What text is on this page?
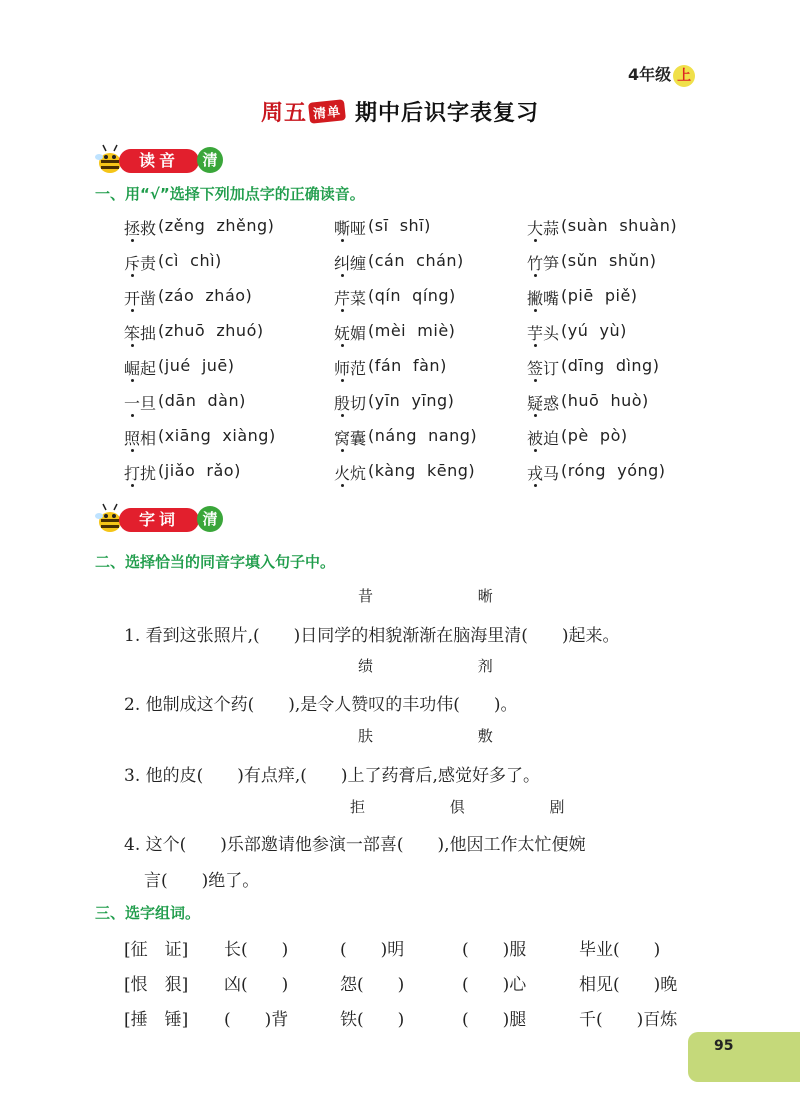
4年级 上
周五 清单 期中后识字表复习
读音	清
一、用“√”选择下列加点字的正确读音。
拯救 (zěng  zhěng)	嘶哑 (sī  shī)	大蒜 (suàn  shuàn)
斥责 (cì  chì)	纠缠 (cán  chán)	竹笋 (sǔn  shǔn)
开凿 (záo  zháo)	芹菜 (qín  qíng)	撇嘴 (piē  piě)
笨拙 (zhuō  zhuó)	妩媚 (mèi  miè)	芋头 (yú  yù)
崛起 (jué  juē)	师范 (fán  fàn)	签订 (dīng  dìng)
一旦 (dān  dàn)	殷切 (yīn  yīng)	疑惑 (huō  huò)
照相 (xiāng  xiàng)	窝囊 (náng  nang)	被迫 (pè  pò)
打扰 (jiǎo  rǎo)	火炕 (kàng  kēng)	戎马 (róng  yóng)
字词	清
二、选择恰当的同音字填入句子中。
昔 晰
1. 看到这张照片,(　　)日同学的相貌渐渐在脑海里清(　　)起来。
绩 剂
2. 他制成这个药(　　),是令人赞叹的丰功伟(　　)。
肤 敷
3. 他的皮(　　)有点痒,(　　)上了药膏后,感觉好多了。
拒 俱 剧
4. 这个(　　)乐部邀请他参演一部喜(　　),他因工作太忙便婉
言(　　)绝了。
三、选字组词。
[征　证] 长(　　)	(　　)明	(　　)服	毕业(　　)
[恨　狠] 凶(　　)	怨(　　)	(　　)心	相见(　　)晚
[捶　锤] (　　)背	铁(　　)	(　　)腿	千(　　)百炼
95
